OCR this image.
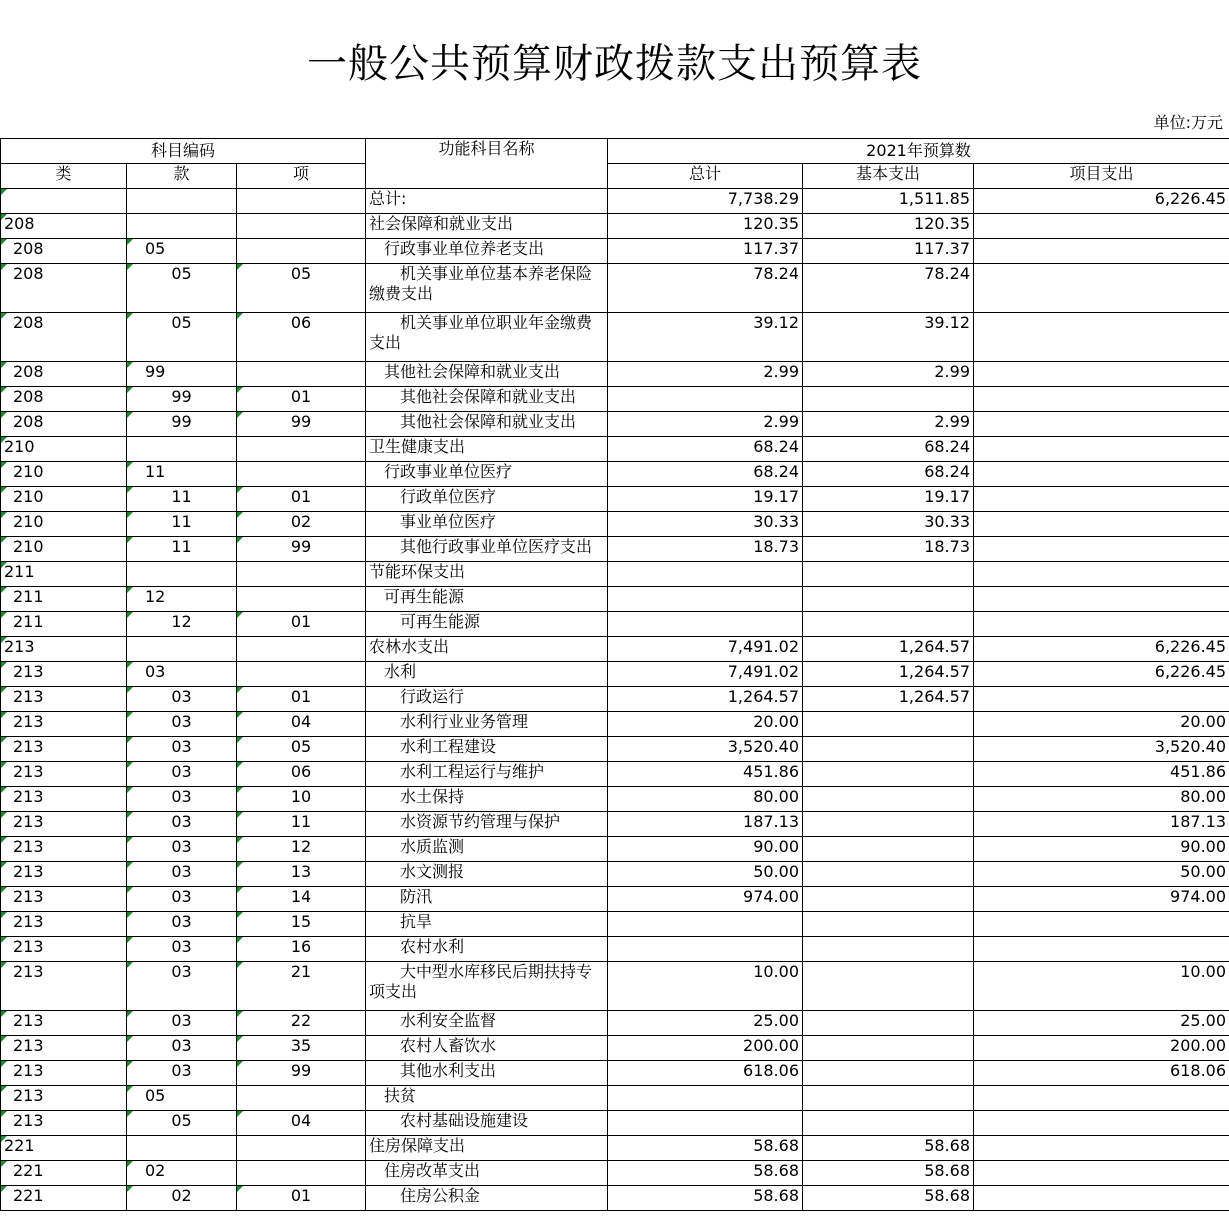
一般公共预算财政拨款支出预算表
单位:万元
科目编码			功能科目名称	2021年预算数		
类	款	项		总计	基本支出	项目支出
			总计:	7,738.29	1,511.85	6,226.45
208			社会保障和就业支出	120.35	120.35	
208	05		行政事业单位养老支出	117.37	117.37	
208	05	05	机关事业单位基本养老保险缴费支出	78.24	78.24	
208	05	06	机关事业单位职业年金缴费支出	39.12	39.12	
208	99		其他社会保障和就业支出	2.99	2.99	
208	99	01	其他社会保障和就业支出			
208	99	99	其他社会保障和就业支出	2.99	2.99	
210			卫生健康支出	68.24	68.24	
210	11		行政事业单位医疗	68.24	68.24	
210	11	01	行政单位医疗	19.17	19.17	
210	11	02	事业单位医疗	30.33	30.33	
210	11	99	其他行政事业单位医疗支出	18.73	18.73	
211			节能环保支出			
211	12		可再生能源			
211	12	01	可再生能源			
213			农林水支出	7,491.02	1,264.57	6,226.45
213	03		水利	7,491.02	1,264.57	6,226.45
213	03	01	行政运行	1,264.57	1,264.57	
213	03	04	水利行业业务管理	20.00		20.00
213	03	05	水利工程建设	3,520.40		3,520.40
213	03	06	水利工程运行与维护	451.86		451.86
213	03	10	水土保持	80.00		80.00
213	03	11	水资源节约管理与保护	187.13		187.13
213	03	12	水质监测	90.00		90.00
213	03	13	水文测报	50.00		50.00
213	03	14	防汛	974.00		974.00
213	03	15	抗旱			
213	03	16	农村水利			
213	03	21	大中型水库移民后期扶持专项支出	10.00		10.00
213	03	22	水利安全监督	25.00		25.00
213	03	35	农村人畜饮水	200.00		200.00
213	03	99	其他水利支出	618.06		618.06
213	05		扶贫			
213	05	04	农村基础设施建设			
221			住房保障支出	58.68	58.68	
221	02		住房改革支出	58.68	58.68	
221	02	01	住房公积金	58.68	58.68	
